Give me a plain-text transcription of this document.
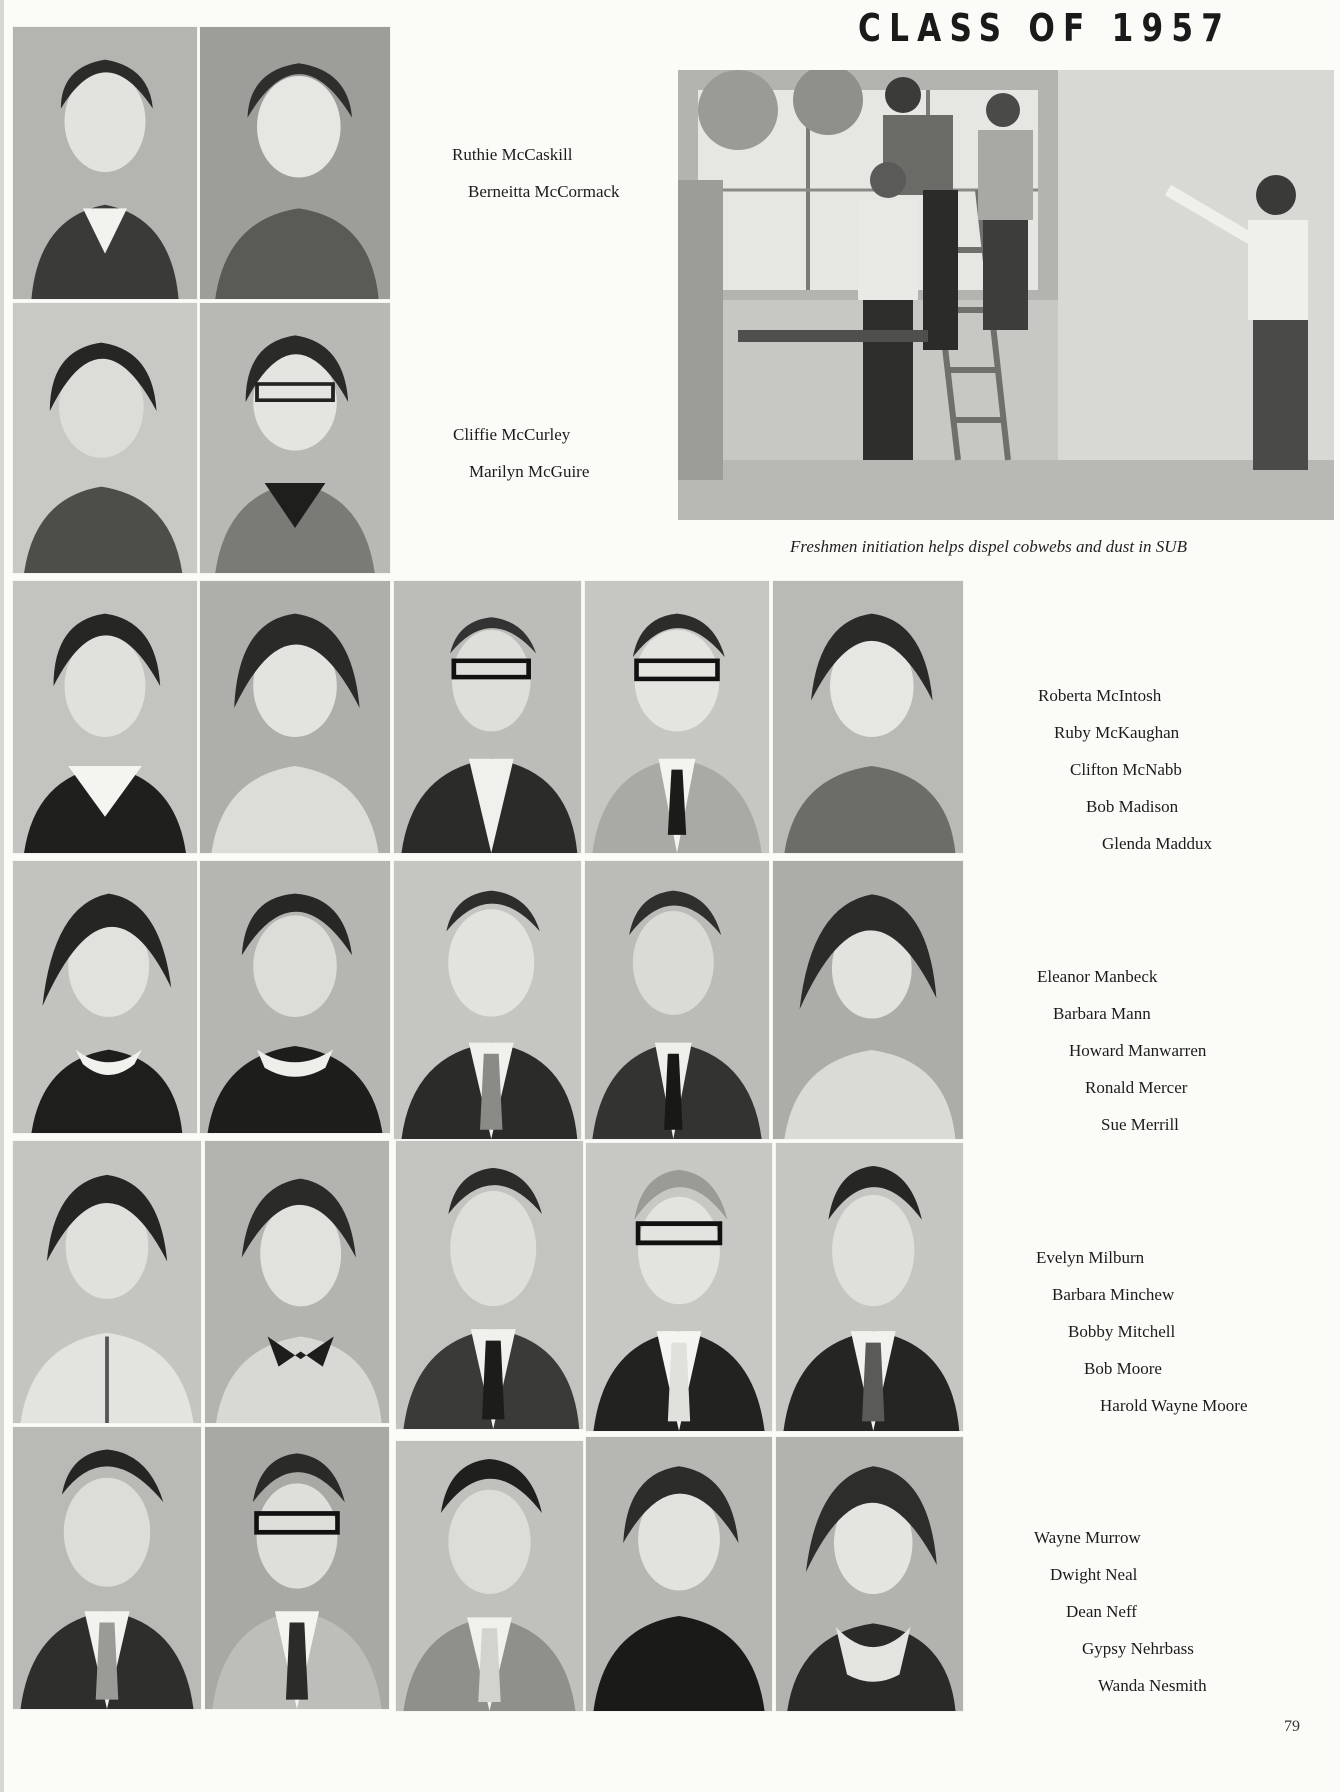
CLASS OF 1957
Freshmen initiation helps dispel cobwebs and dust in SUB
Ruthie McCaskill
Berneitta McCormack
Cliffie McCurley
Marilyn McGuire
Roberta McIntosh
Ruby McKaughan
Clifton McNabb
Bob Madison
Glenda Maddux
Eleanor Manbeck
Barbara Mann
Howard Manwarren
Ronald Mercer
Sue Merrill
Evelyn Milburn
Barbara Minchew
Bobby Mitchell
Bob Moore
Harold Wayne Moore
Wayne Murrow
Dwight Neal
Dean Neff
Gypsy Nehrbass
Wanda Nesmith
79
